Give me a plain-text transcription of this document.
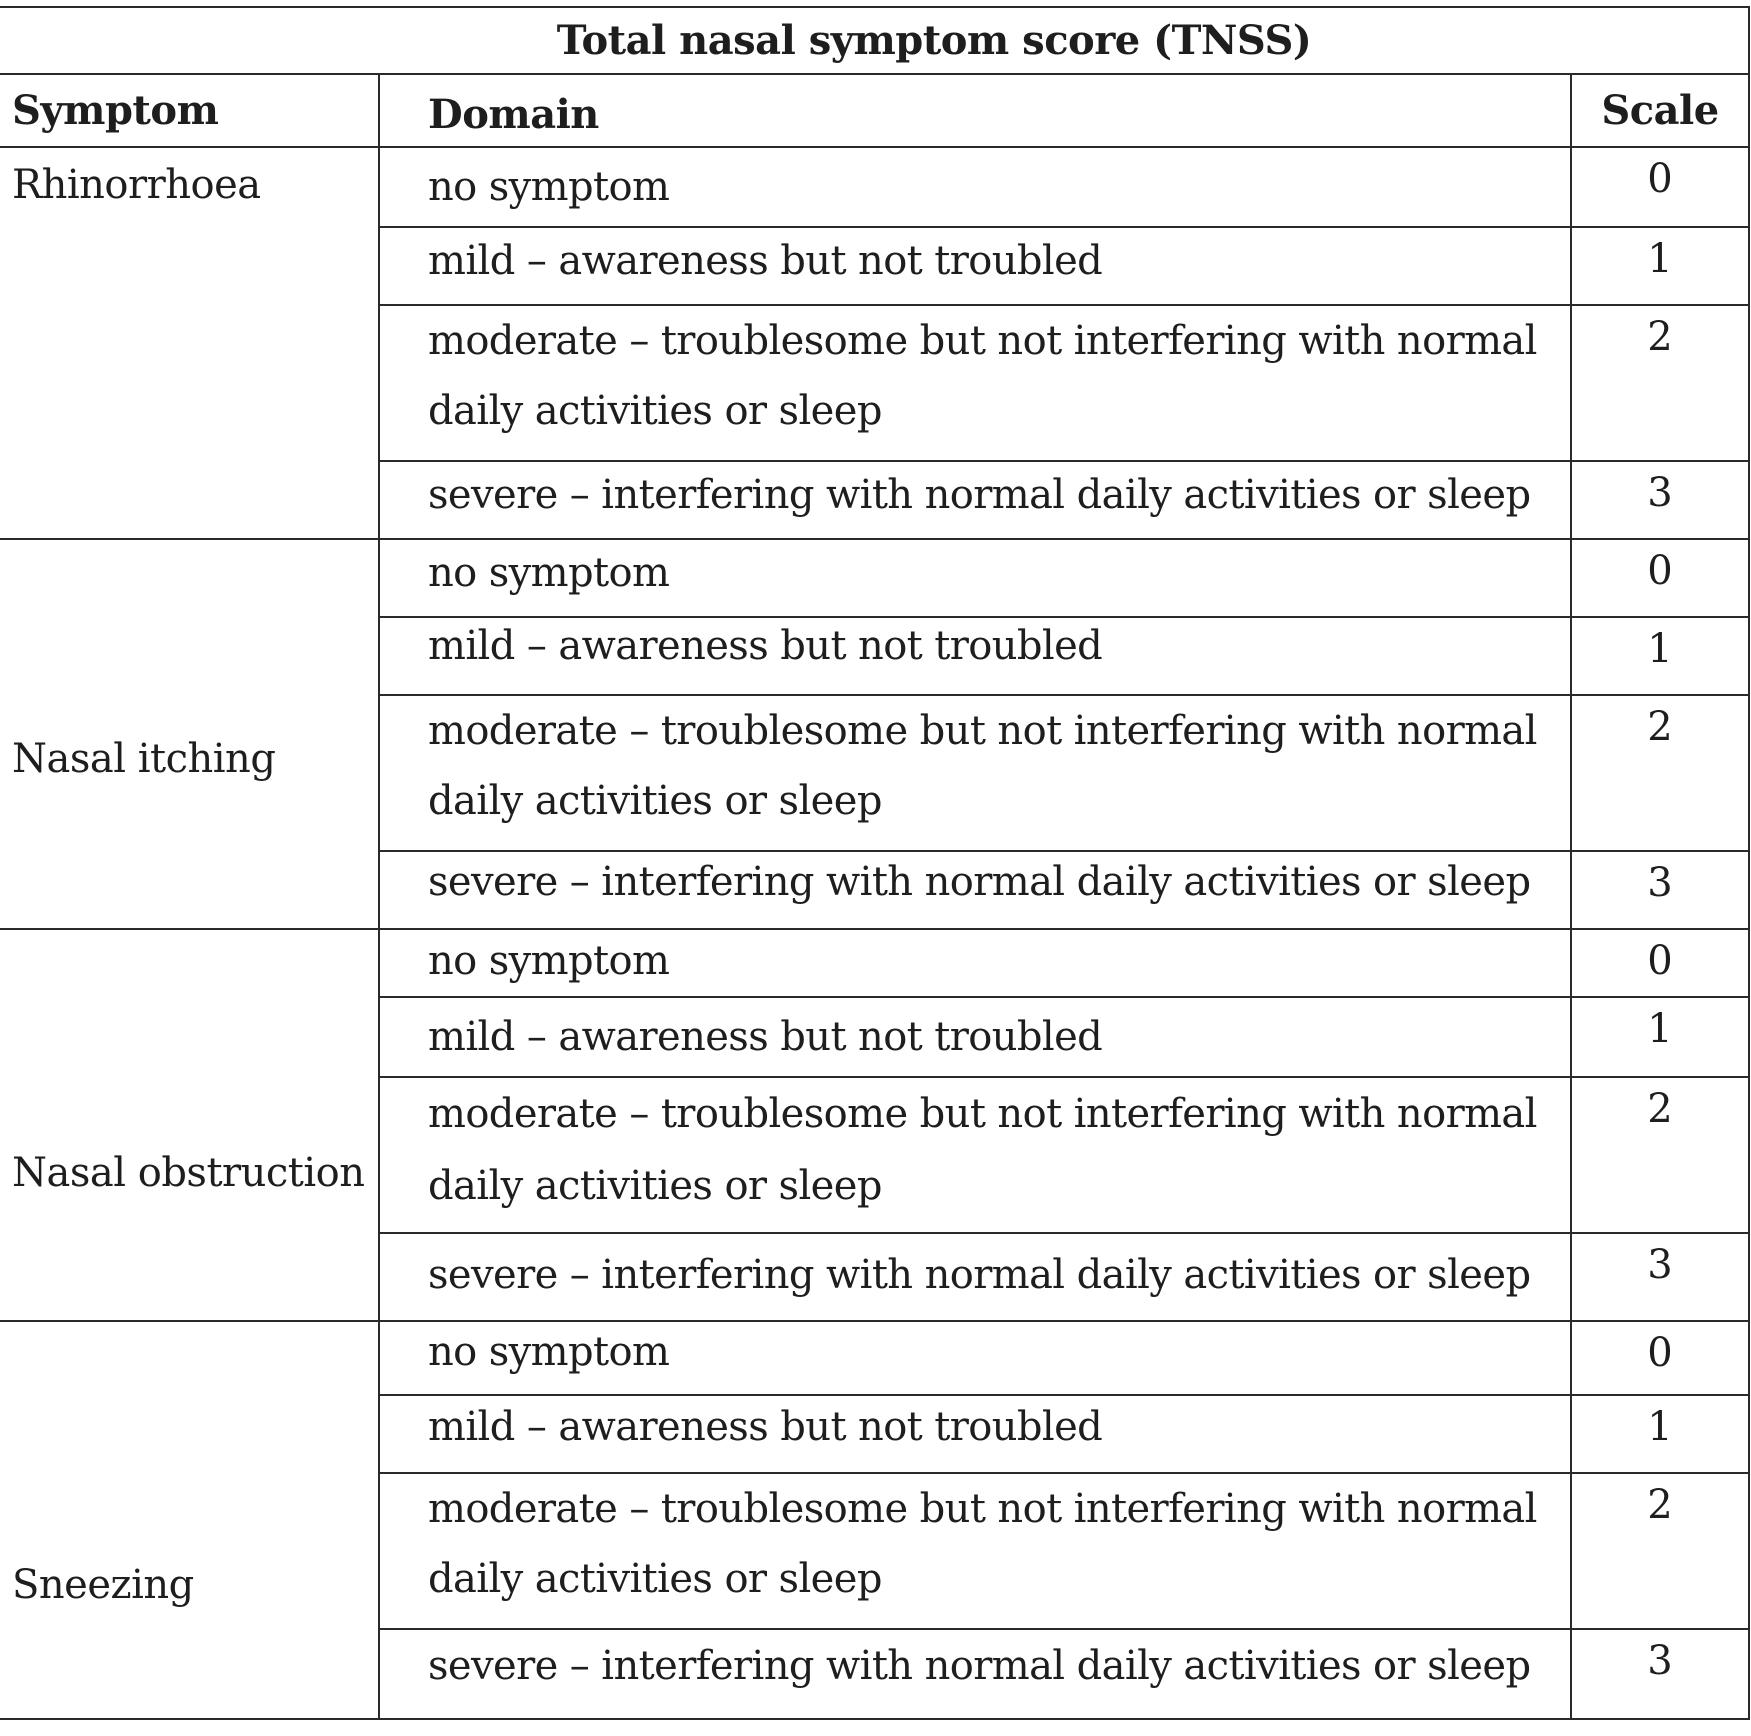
Total nasal symptom score (TNSS)		
Symptom	Domain	Scale
Rhinorrhoea	no symptom	0
	mild – awareness but not troubled	1
	moderate – troublesome but not interfering with normal daily activities or sleep	2
	severe – interfering with normal daily activities or sleep	3
Nasal itching	no symptom	0
	mild – awareness but not troubled	1
	moderate – troublesome but not interfering with normal daily activities or sleep	2
	severe – interfering with normal daily activities or sleep	3
Nasal obstruction	no symptom	0
	mild – awareness but not troubled	1
	moderate – troublesome but not interfering with normal daily activities or sleep	2
	severe – interfering with normal daily activities or sleep	3
Sneezing	no symptom	0
	mild – awareness but not troubled	1
	moderate – troublesome but not interfering with normal daily activities or sleep	2
	severe – interfering with normal daily activities or sleep	3
